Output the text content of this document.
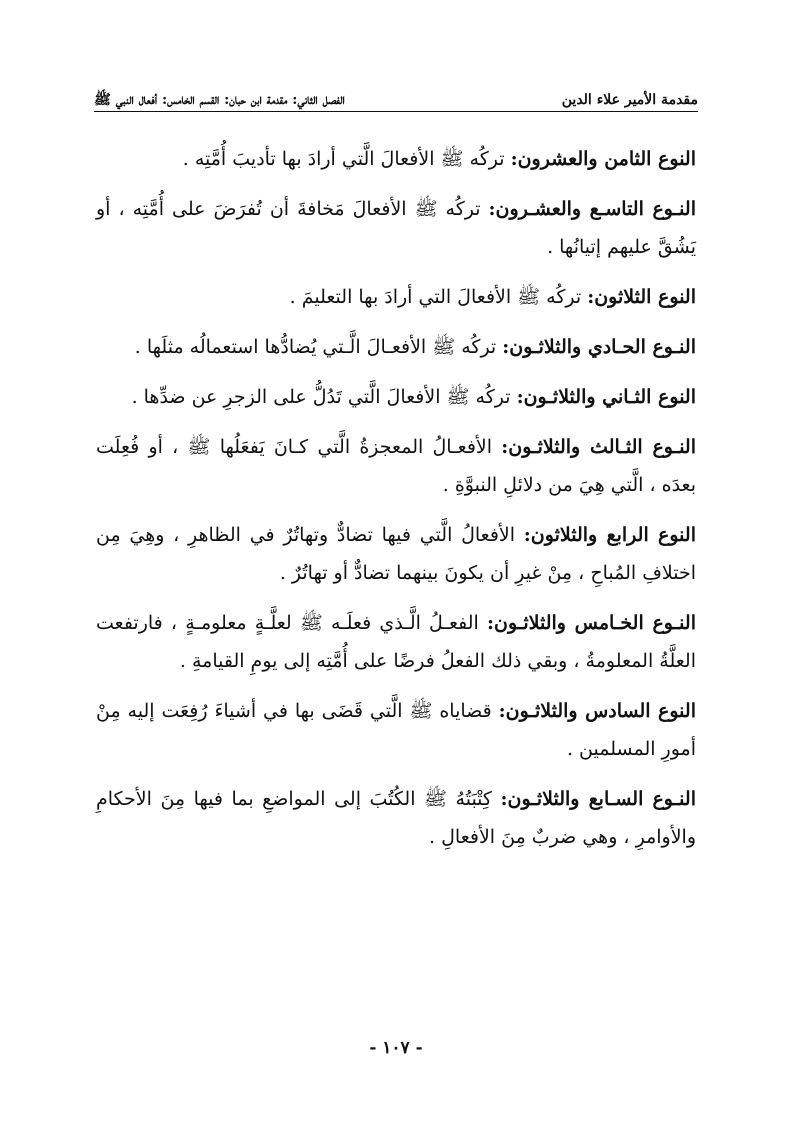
مقدمة الأمير علاء الدين
الفصل الثاني: مقدمة ابن حبان: القسم الخامس: أفعال النبي ﷺ

النوع الثامن والعشرون: تركُه ﷺ الأفعالَ الَّتي أرادَ بها تأديبَ أُمَّتِه .

النـوع التاسـع والعشـرون: تركُه ﷺ الأفعالَ مَخافةَ أن تُفرَضَ على أُمَّتِه ، أو يَشُقَّ عليهم إتيانُها .

النوع الثلاثون: تركُه ﷺ الأفعالَ التي أرادَ بها التعليمَ .

النـوع الحـادي والثلاثـون: تركُه ﷺ الأفعـالَ الَّـتي يُضادُّها استعمالُه مثلَها .

النوع الثـاني والثلاثـون: تركُه ﷺ الأفعالَ الَّتي تَدُلُّ على الزجرِ عن ضدِّها .

النـوع الثـالث والثلاثـون: الأفعـالُ المعجزةُ الَّتي كـانَ يَفعَلُها ﷺ ، أو فُعِلَت بعدَه ، الَّتي هِيَ من دلائلِ النبوَّةِ .

النوع الرابع والثلاثون: الأفعالُ الَّتي فيها تضادٌّ وتهاتُرٌ في الظاهرِ ، وهِيَ مِن اختلافِ المُباحِ ، مِنْ غيرِ أن يكونَ بينهما تضادٌّ أو تهاتُرٌ .

النـوع الخـامس والثلاثـون: الفعـلُ الَّـذي فعلَـه ﷺ لعلَّـةٍ معلومـةٍ ، فارتفعت العلَّةُ المعلومةُ ، وبقي ذلك الفعلُ فرضًا على أُمَّتِه إلى يومِ القيامةِ .

النوع السادس والثلاثـون: قضاياه ﷺ الَّتي قَضَى بها في أشياءَ رُفِعَت إليه مِنْ أمورِ المسلمين .

النـوع السـابع والثلاثـون: كِتْبَتُهُ ﷺ الكُتُبَ إلى المواضعِ بما فيها مِنَ الأحكامِ والأوامرِ ، وهي ضربٌ مِنَ الأفعالِ .

- ١٠٧ -
